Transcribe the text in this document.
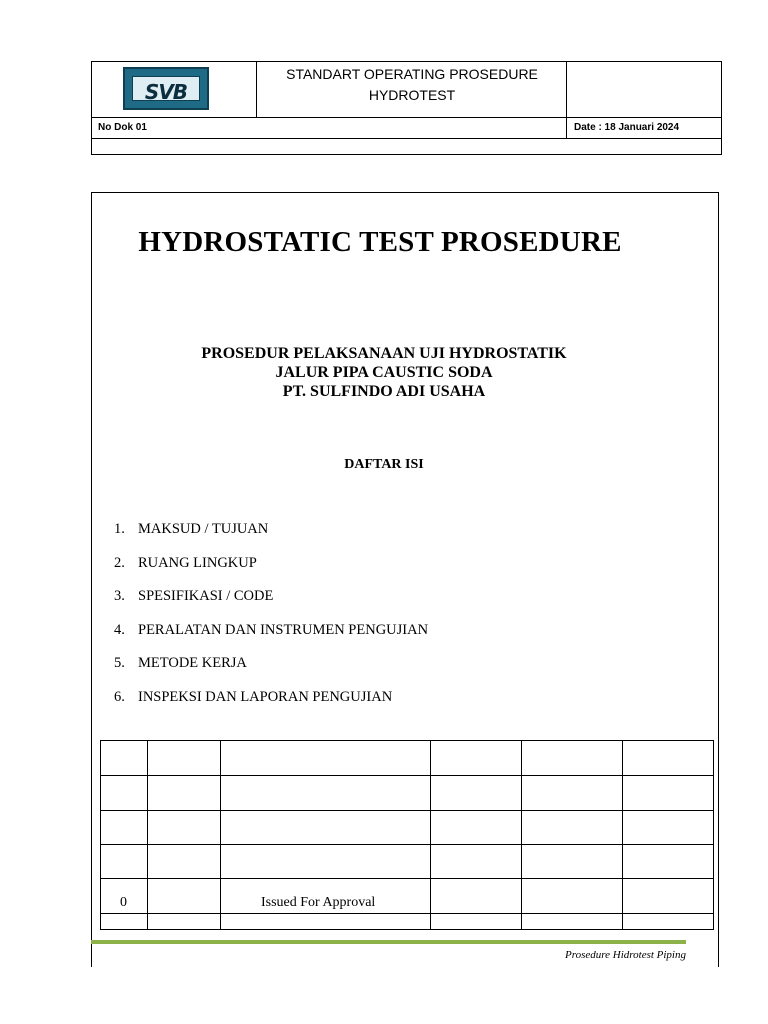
SVB
STANDART OPERATING PROSEDURE
HYDROTEST
No Dok 01	Date : 18 Januari 2024
HYDROSTATIC TEST PROSEDURE
PROSEDUR PELAKSANAAN UJI HYDROSTATIK
JALUR PIPA CAUSTIC SODA
PT. SULFINDO ADI USAHA
DAFTAR ISI
1. MAKSUD / TUJUAN
2. RUANG LINGKUP
3. SPESIFIKASI / CODE
4. PERALATAN DAN INSTRUMEN PENGUJIAN
5. METODE KERJA
6. INSPEKSI DAN LAPORAN PENGUJIAN
0	Issued For Approval
Prosedure Hidrotest Piping
